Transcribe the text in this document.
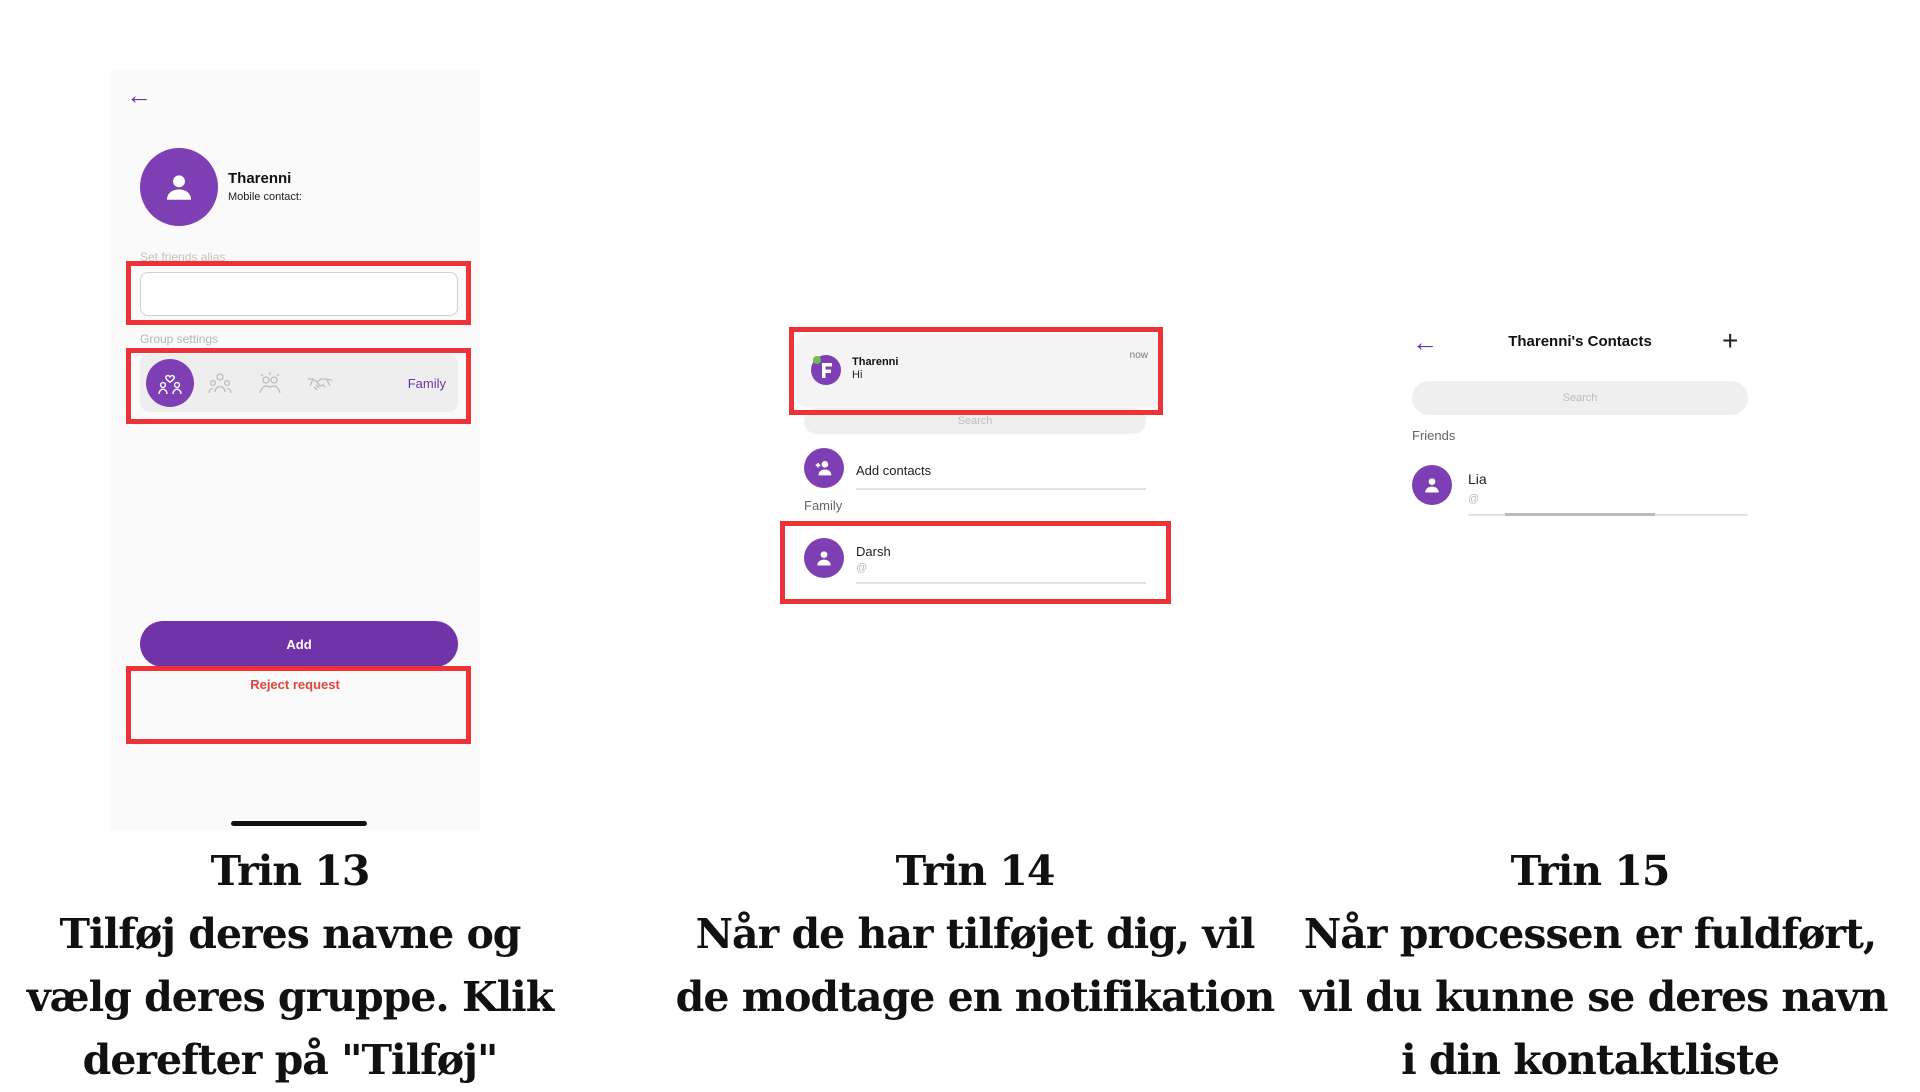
←
Tharenni
Mobile contact:
Set friends alias
Group settings
Family
Add
Reject request
Tharenni
Hi
now
Search
Add contacts
Family
Darsh
@
←	Tharenni's Contacts	+
Search
Friends
Lia
@
Trin 13
Tilføj deres navne og
vælg deres gruppe. Klik
derefter på "Tilføj"
Trin 14
Når de har tilføjet dig, vil
de modtage en notifikation
Trin 15
Når processen er fuldført,
vil du kunne se deres navn
i din kontaktliste
